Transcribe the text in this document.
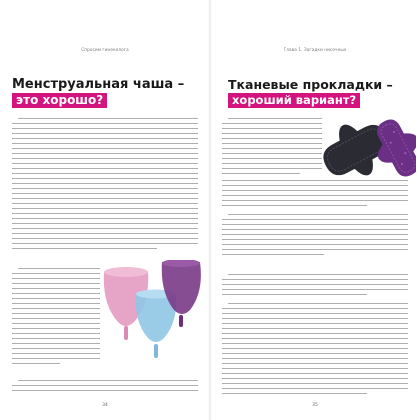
Спросим гинеколога
Менструальная чаша –
это хорошо?
34
Глава 1. Загадки нисечных
Тканевые прокладки –
хороший вариант?
35
